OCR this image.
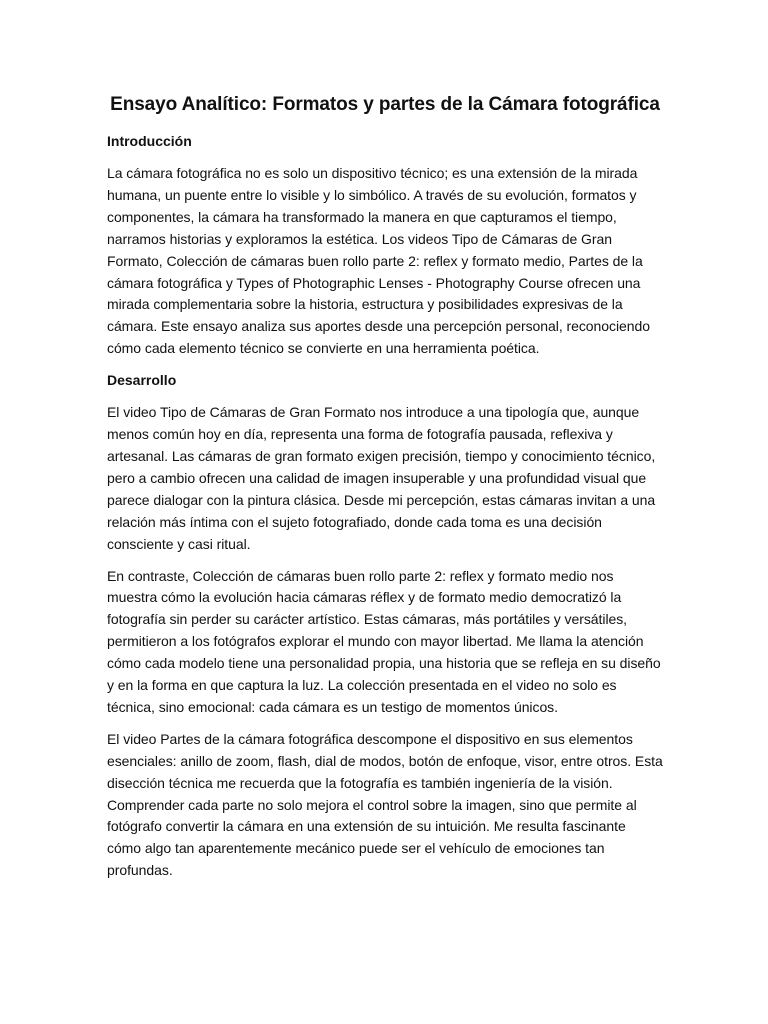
Ensayo Analítico: Formatos y partes de la Cámara fotográfica
Introducción

La cámara fotográfica no es solo un dispositivo técnico; es una extensión de la mirada humana, un puente entre lo visible y lo simbólico. A través de su evolución, formatos y componentes, la cámara ha transformado la manera en que capturamos el tiempo, narramos historias y exploramos la estética. Los videos Tipo de Cámaras de Gran Formato, Colección de cámaras buen rollo parte 2: reflex y formato medio, Partes de la cámara fotográfica y Types of Photographic Lenses - Photography Course ofrecen una mirada complementaria sobre la historia, estructura y posibilidades expresivas de la cámara. Este ensayo analiza sus aportes desde una percepción personal, reconociendo cómo cada elemento técnico se convierte en una herramienta poética.

Desarrollo

El video Tipo de Cámaras de Gran Formato nos introduce a una tipología que, aunque menos común hoy en día, representa una forma de fotografía pausada, reflexiva y artesanal. Las cámaras de gran formato exigen precisión, tiempo y conocimiento técnico, pero a cambio ofrecen una calidad de imagen insuperable y una profundidad visual que parece dialogar con la pintura clásica. Desde mi percepción, estas cámaras invitan a una relación más íntima con el sujeto fotografiado, donde cada toma es una decisión consciente y casi ritual.

En contraste, Colección de cámaras buen rollo parte 2: reflex y formato medio nos muestra cómo la evolución hacia cámaras réflex y de formato medio democratizó la fotografía sin perder su carácter artístico. Estas cámaras, más portátiles y versátiles, permitieron a los fotógrafos explorar el mundo con mayor libertad. Me llama la atención cómo cada modelo tiene una personalidad propia, una historia que se refleja en su diseño y en la forma en que captura la luz. La colección presentada en el video no solo es técnica, sino emocional: cada cámara es un testigo de momentos únicos.

El video Partes de la cámara fotográfica descompone el dispositivo en sus elementos esenciales: anillo de zoom, flash, dial de modos, botón de enfoque, visor, entre otros. Esta disección técnica me recuerda que la fotografía es también ingeniería de la visión. Comprender cada parte no solo mejora el control sobre la imagen, sino que permite al fotógrafo convertir la cámara en una extensión de su intuición. Me resulta fascinante cómo algo tan aparentemente mecánico puede ser el vehículo de emociones tan profundas.
